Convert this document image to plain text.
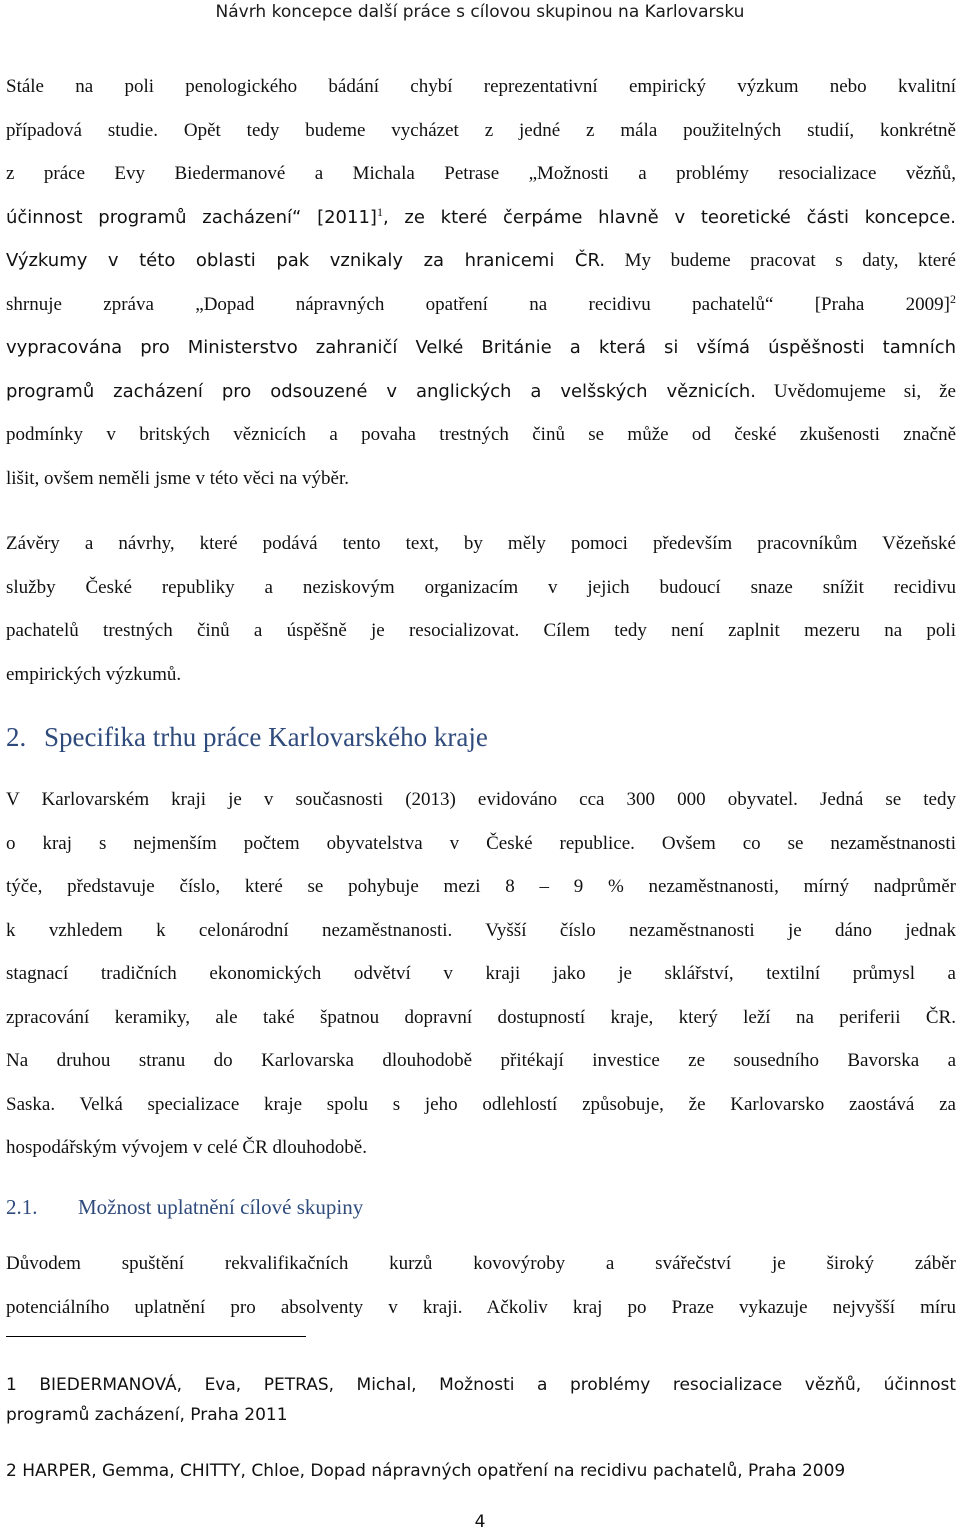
Návrh koncepce další práce s cílovou skupinou na Karlovarsku
Stále na poli penologického bádání chybí reprezentativní empirický výzkum nebo kvalitní
případová studie. Opět tedy budeme vycházet z jedné z mála použitelných studií, konkrétně
z práce Evy Biedermanové a Michala Petrase „Možnosti a problémy resocializace vězňů,
účinnost programů zacházení“ $[2011]^1$, ze které čerpáme hlavně v teoretické části koncepce.
Výzkumy v této oblasti pak vznikaly za hranicemi ČR. My budeme pracovat s daty, které
shrnuje zpráva „Dopad nápravných opatření na recidivu pachatelů“ [Praha 2009]$^2$
vypracována pro Ministerstvo zahraničí Velké Británie a která si všímá úspěšnosti tamních
programů zacházení pro odsouzené v anglických a velšských věznicích. Uvědomujeme si, že
podmínky v britských věznicích a povaha trestných činů se může od české zkušenosti značně
lišit, ovšem neměli jsme v této věci na výběr.
Závěry a návrhy, které podává tento text, by měly pomoci především pracovníkům Vězeňské
služby České republiky a neziskovým organizacím v jejich budoucí snaze snížit recidivu
pachatelů trestných činů a úspěšně je resocializovat. Cílem tedy není zaplnit mezeru na poli
empirických výzkumů.
2. Specifika trhu práce Karlovarského kraje
V Karlovarském kraji je v současnosti (2013) evidováno cca 300 000 obyvatel. Jedná se tedy
o kraj s nejmenším počtem obyvatelstva v České republice. Ovšem co se nezaměstnanosti
týče, představuje číslo, které se pohybuje mezi 8 – 9 % nezaměstnanosti, mírný nadprůměr
k vzhledem k celonárodní nezaměstnanosti. Vyšší číslo nezaměstnanosti je dáno jednak
stagnací tradičních ekonomických odvětví v kraji jako je sklářství, textilní průmysl a
zpracování keramiky, ale také špatnou dopravní dostupností kraje, který leží na periferii ČR.
Na druhou stranu do Karlovarska dlouhodobě přitékají investice ze sousedního Bavorska a
Saska. Velká specializace kraje spolu s jeho odlehlostí způsobuje, že Karlovarsko zaostává za
hospodářským vývojem v celé ČR dlouhodobě.
2.1. Možnost uplatnění cílové skupiny
Důvodem spuštění rekvalifikačních kurzů kovovýroby a svářečství je široký záběr
potenciálního uplatnění pro absolventy v kraji. Ačkoliv kraj po Praze vykazuje nejvyšší míru
1 BIEDERMANOVÁ, Eva, PETRAS, Michal, Možnosti a problémy resocializace vězňů, účinnost
programů zacházení, Praha 2011
2 HARPER, Gemma, CHITTY, Chloe, Dopad nápravných opatření na recidivu pachatelů, Praha 2009
4
